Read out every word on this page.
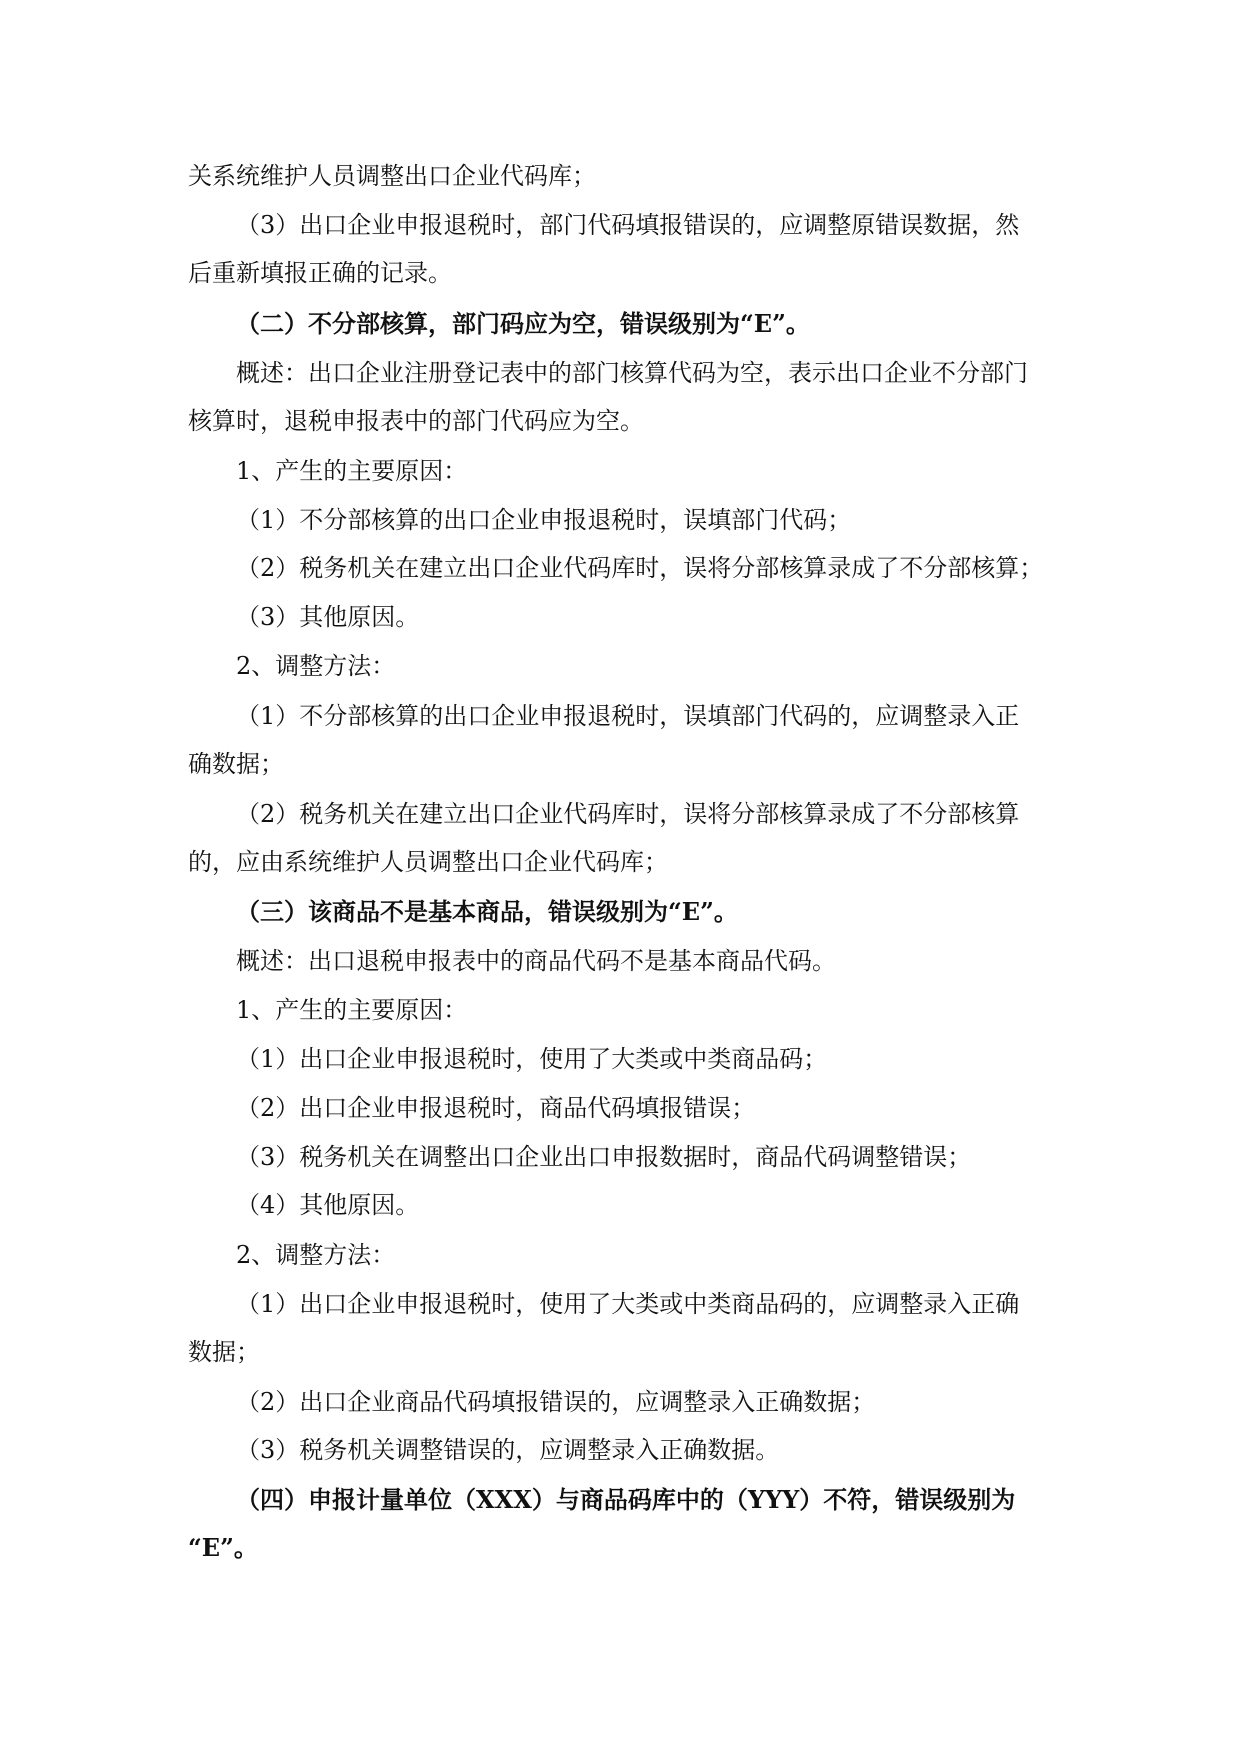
关系统维护人员调整出口企业代码库；
（3）出口企业申报退税时，部门代码填报错误的，应调整原错误数据，然
后重新填报正确的记录。
（二）不分部核算，部门码应为空，错误级别为“E”。
概述：出口企业注册登记表中的部门核算代码为空，表示出口企业不分部门
核算时，退税申报表中的部门代码应为空。
1、产生的主要原因：
（1）不分部核算的出口企业申报退税时，误填部门代码；
（2）税务机关在建立出口企业代码库时，误将分部核算录成了不分部核算；
（3）其他原因。
2、调整方法：
（1）不分部核算的出口企业申报退税时，误填部门代码的，应调整录入正
确数据；
（2）税务机关在建立出口企业代码库时，误将分部核算录成了不分部核算
的，应由系统维护人员调整出口企业代码库；
（三）该商品不是基本商品，错误级别为“E”。
概述：出口退税申报表中的商品代码不是基本商品代码。
1、产生的主要原因：
（1）出口企业申报退税时，使用了大类或中类商品码；
（2）出口企业申报退税时，商品代码填报错误；
（3）税务机关在调整出口企业出口申报数据时，商品代码调整错误；
（4）其他原因。
2、调整方法：
（1）出口企业申报退税时，使用了大类或中类商品码的，应调整录入正确
数据；
（2）出口企业商品代码填报错误的，应调整录入正确数据；
（3）税务机关调整错误的，应调整录入正确数据。
（四）申报计量单位（XXX）与商品码库中的（YYY）不符，错误级别为
“E”。
